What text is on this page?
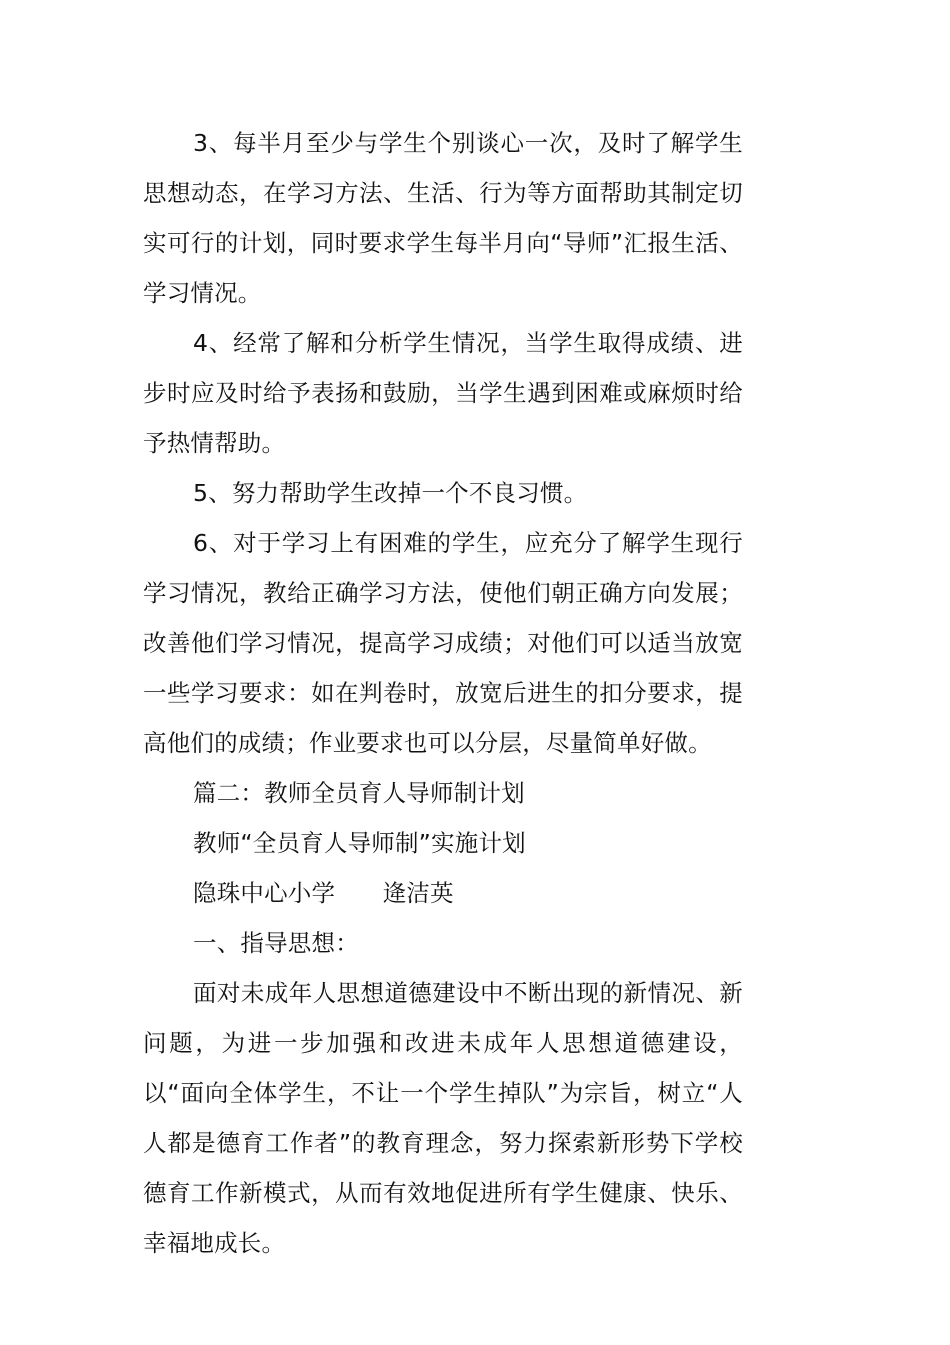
3、每半月至少与学生个别谈心一次，及时了解学生思想动态，在学习方法、生活、行为等方面帮助其制定切实可行的计划，同时要求学生每半月向“导师”汇报生活、学习情况。

4、经常了解和分析学生情况，当学生取得成绩、进步时应及时给予表扬和鼓励，当学生遇到困难或麻烦时给予热情帮助。

5、努力帮助学生改掉一个不良习惯。

6、对于学习上有困难的学生，应充分了解学生现行学习情况，教给正确学习方法，使他们朝正确方向发展；改善他们学习情况，提高学习成绩；对他们可以适当放宽一些学习要求：如在判卷时，放宽后进生的扣分要求，提高他们的成绩；作业要求也可以分层，尽量简单好做。

篇二：教师全员育人导师制计划

教师“全员育人导师制”实施计划

隐珠中心小学　　逄洁英

一、指导思想：

面对未成年人思想道德建设中不断出现的新情况、新问题，为进一步加强和改进未成年人思想道德建设，以“面向全体学生，不让一个学生掉队”为宗旨，树立“人人都是德育工作者”的教育理念，努力探索新形势下学校德育工作新模式，从而有效地促进所有学生健康、快乐、幸福地成长。
